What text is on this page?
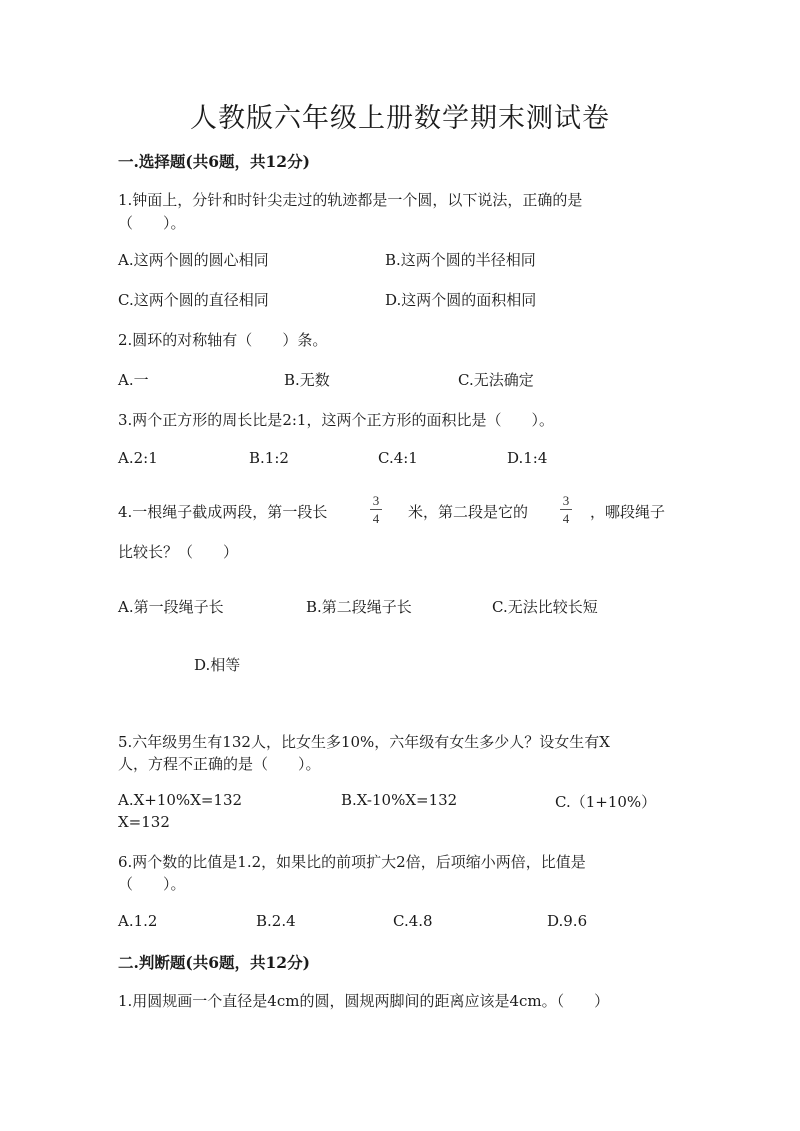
人教版六年级上册数学期末测试卷
一.选择题(共6题，共12分)
1.钟面上，分针和时针尖走过的轨迹都是一个圆，以下说法，正确的是
（　　）。
A.这两个圆的圆心相同	B.这两个圆的半径相同
C.这两个圆的直径相同	D.这两个圆的面积相同
2.圆环的对称轴有（　　）条。
A.一	B.无数	C.无法确定
3.两个正方形的周长比是2:1，这两个正方形的面积比是（　　）。
A.2:1	B.1:2	C.4:1	D.1:4
4.一根绳子截成两段，第一段长
3
4	米，第二段是它的
3
4	，哪段绳子
比较长？（　　）
A.第一段绳子长	B.第二段绳子长	C.无法比较长短
D.相等
5.六年级男生有132人，比女生多10%，六年级有女生多少人？设女生有X
人，方程不正确的是（　　）。
A.X+10%X=132	B.X-10%X=132	C.（1+10%）
X=132
6.两个数的比值是1.2，如果比的前项扩大2倍，后项缩小两倍，比值是
（　　）。
A.1.2	B.2.4	C.4.8	D.9.6
二.判断题(共6题，共12分)
1.用圆规画一个直径是4cm的圆，圆规两脚间的距离应该是4cm。（　　）
